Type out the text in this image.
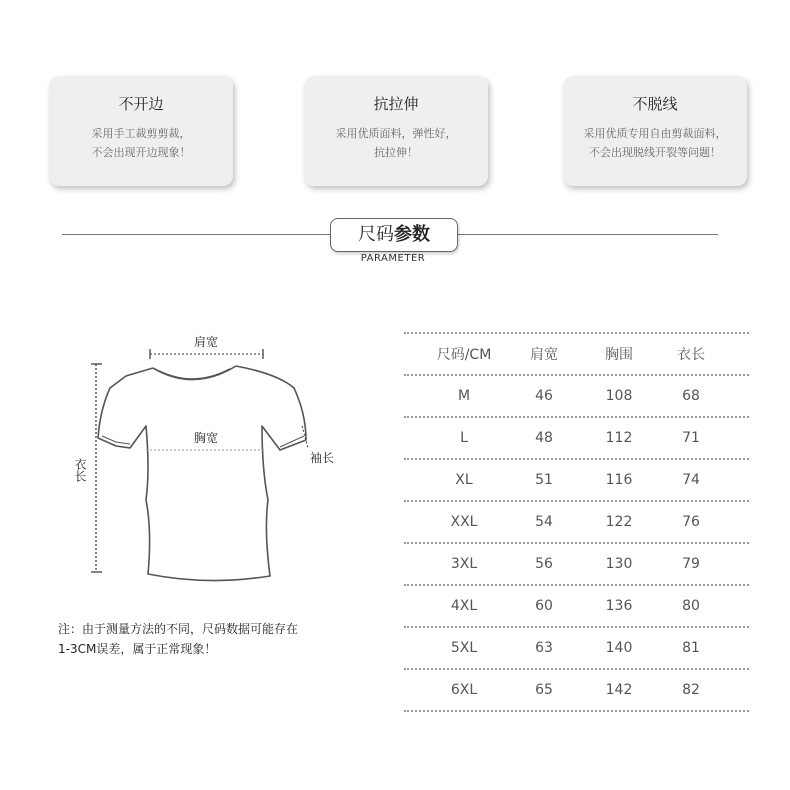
不开边
采用手工裁剪剪裁，
不会出现开边现象！
抗拉伸
采用优质面料，弹性好，
抗拉伸！
不脱线
采用优质专用自由剪裁面料，
不会出现脱线开裂等问题！
尺码参数
PARAMETER
肩宽
胸宽
袖长
衣长
注：由于测量方法的不同，尺码数据可能存在
1-3CM误差，属于正常现象！
尺码/CM	肩宽	胸围	衣长
M	46	108	68
L	48	112	71
XL	51	116	74
XXL	54	122	76
3XL	56	130	79
4XL	60	136	80
5XL	63	140	81
6XL	65	142	82
